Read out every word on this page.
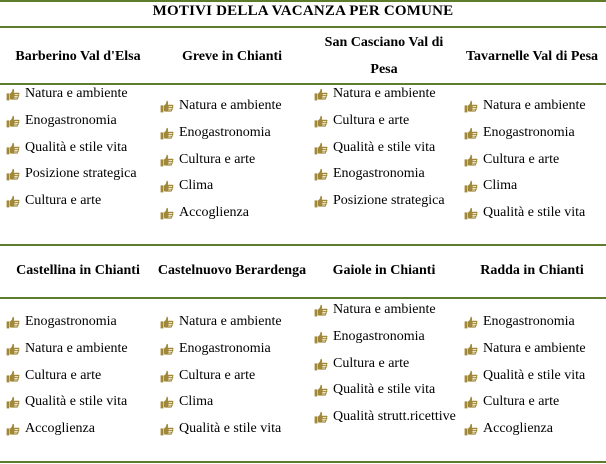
MOTIVI DELLA VACANZA PER COMUNE
Barberino Val d'Elsa
Natura e ambiente
Enogastronomia
Qualità e stile vita
Posizione strategica
Cultura e arte
Greve in Chianti
Natura e ambiente
Enogastronomia
Cultura e arte
Clima
Accoglienza
San Casciano Val di Pesa
Natura e ambiente
Cultura e arte
Qualità e stile vita
Enogastronomia
Posizione strategica
Tavarnelle Val di Pesa
Natura e ambiente
Enogastronomia
Cultura e arte
Clima
Qualità e stile vita
Castellina in Chianti
Enogastronomia
Natura e ambiente
Cultura e arte
Qualità e stile vita
Accoglienza
Castelnuovo Berardenga
Natura e ambiente
Enogastronomia
Cultura e arte
Clima
Qualità e stile vita
Gaiole in Chianti
Natura e ambiente
Enogastronomia
Cultura e arte
Qualità e stile vita
Qualità strutt.ricettive
Radda in Chianti
Enogastronomia
Natura e ambiente
Qualità e stile vita
Cultura e arte
Accoglienza
